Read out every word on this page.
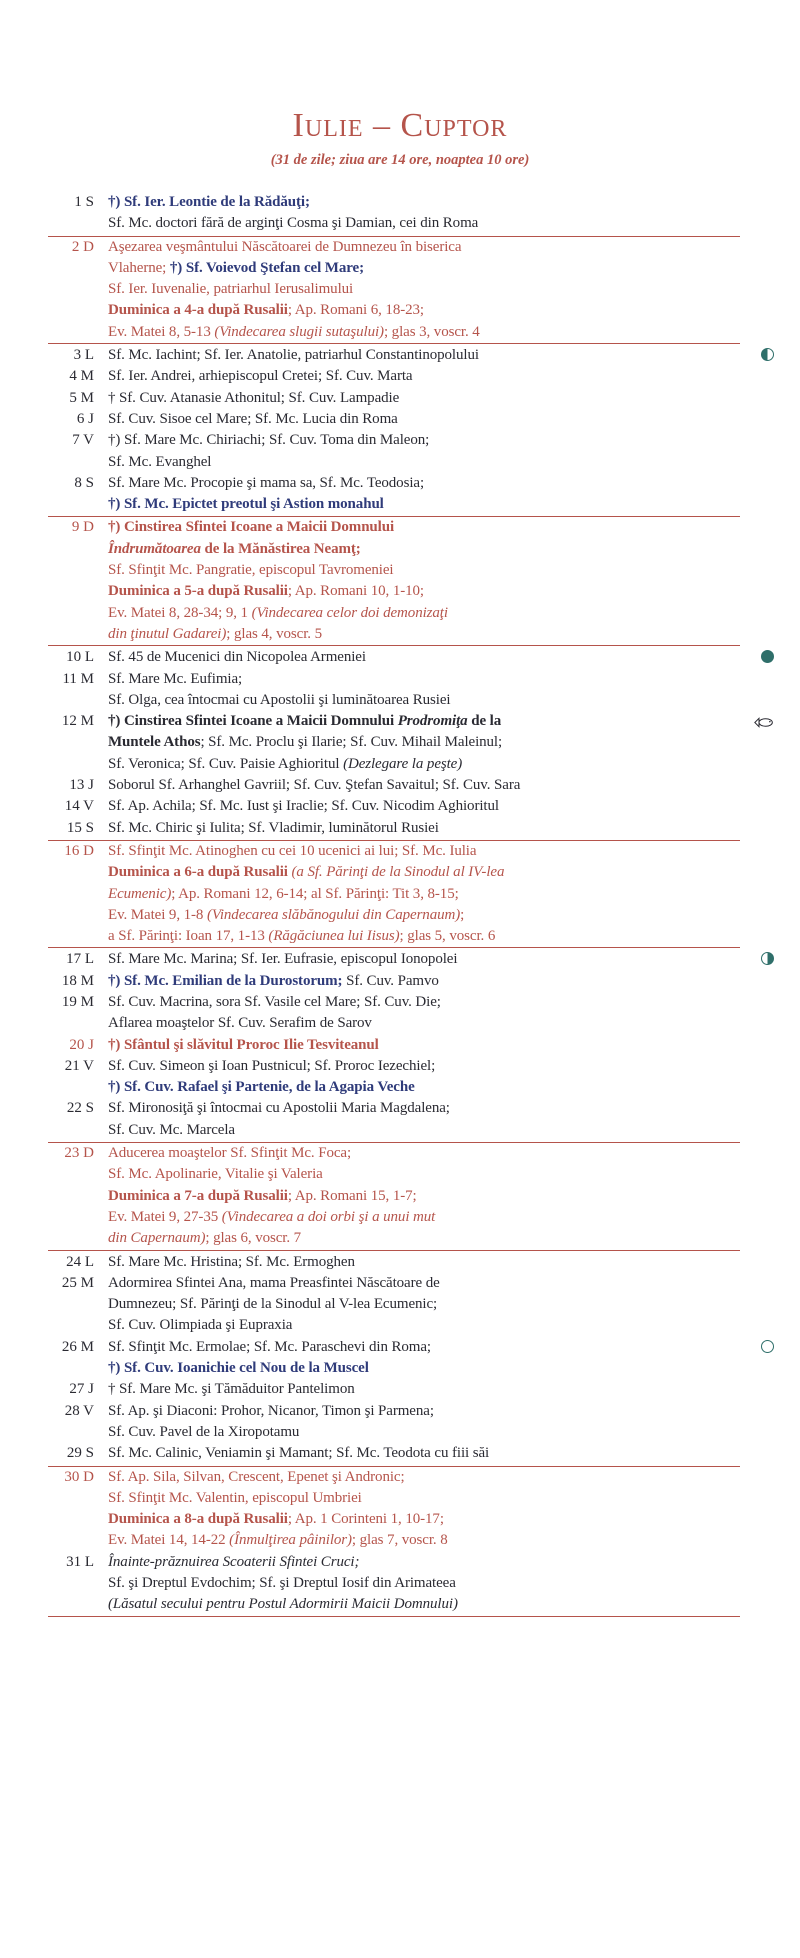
Iulie – Cuptor
(31 de zile; ziua are 14 ore, noaptea 10 ore)
1 S †) Sf. Ier. Leontie de la Rădăuţi;
Sf. Mc. doctori fără de arginţi Cosma şi Damian, cei din Roma
2 D Aşezarea veşmântului Născătoarei de Dumnezeu în biserica
Vlaherne; †) Sf. Voievod Ştefan cel Mare;
Sf. Ier. Iuvenalie, patriarhul Ierusalimului
Duminica a 4-a după Rusalii; Ap. Romani 6, 18-23;
Ev. Matei 8, 5-13 (Vindecarea slugii sutaşului); glas 3, voscr. 4
3 L Sf. Mc. Iachint; Sf. Ier. Anatolie, patriarhul Constantinopolului
4 M Sf. Ier. Andrei, arhiepiscopul Cretei; Sf. Cuv. Marta
5 M † Sf. Cuv. Atanasie Athonitul; Sf. Cuv. Lampadie
6 J Sf. Cuv. Sisoe cel Mare; Sf. Mc. Lucia din Roma
7 V †) Sf. Mare Mc. Chiriachi; Sf. Cuv. Toma din Maleon;
Sf. Mc. Evanghel
8 S Sf. Mare Mc. Procopie şi mama sa, Sf. Mc. Teodosia;
†) Sf. Mc. Epictet preotul şi Astion monahul
9 D †) Cinstirea Sfintei Icoane a Maicii Domnului
Îndrumătoarea de la Mănăstirea Neamţ;
Sf. Sfinţit Mc. Pangratie, episcopul Tavromeniei
Duminica a 5-a după Rusalii; Ap. Romani 10, 1-10;
Ev. Matei 8, 28-34; 9, 1 (Vindecarea celor doi demonizaţi
din ţinutul Gadarei); glas 4, voscr. 5
10 L Sf. 45 de Mucenici din Nicopolea Armeniei
11 M Sf. Mare Mc. Eufimia;
Sf. Olga, cea întocmai cu Apostolii şi luminătoarea Rusiei
12 M †) Cinstirea Sfintei Icoane a Maicii Domnului Prodromiţa de la
Muntele Athos; Sf. Mc. Proclu şi Ilarie; Sf. Cuv. Mihail Maleinul;
Sf. Veronica; Sf. Cuv. Paisie Aghioritul (Dezlegare la peşte)
13 J Soborul Sf. Arhanghel Gavriil; Sf. Cuv. Ştefan Savaitul; Sf. Cuv. Sara
14 V Sf. Ap. Achila; Sf. Mc. Iust şi Iraclie; Sf. Cuv. Nicodim Aghioritul
15 S Sf. Mc. Chiric şi Iulita; Sf. Vladimir, luminătorul Rusiei
16 D Sf. Sfinţit Mc. Atinoghen cu cei 10 ucenici ai lui; Sf. Mc. Iulia
Duminica a 6-a după Rusalii (a Sf. Părinţi de la Sinodul al IV-lea
Ecumenic); Ap. Romani 12, 6-14; al Sf. Părinţi: Tit 3, 8-15;
Ev. Matei 9, 1-8 (Vindecarea slăbănogului din Capernaum);
a Sf. Părinţi: Ioan 17, 1-13 (Răgăciunea lui Iisus); glas 5, voscr. 6
17 L Sf. Mare Mc. Marina; Sf. Ier. Eufrasie, episcopul Ionopolei
18 M †) Sf. Mc. Emilian de la Durostorum; Sf. Cuv. Pamvo
19 M Sf. Cuv. Macrina, sora Sf. Vasile cel Mare; Sf. Cuv. Die;
Aflarea moaştelor Sf. Cuv. Serafim de Sarov
20 J †) Sfântul şi slăvitul Proroc Ilie Tesviteanul
21 V Sf. Cuv. Simeon şi Ioan Pustnicul; Sf. Proroc Iezechiel;
†) Sf. Cuv. Rafael şi Partenie, de la Agapia Veche
22 S Sf. Mironosiţă şi întocmai cu Apostolii Maria Magdalena;
Sf. Cuv. Mc. Marcela
23 D Aducerea moaştelor Sf. Sfinţit Mc. Foca;
Sf. Mc. Apolinarie, Vitalie şi Valeria
Duminica a 7-a după Rusalii; Ap. Romani 15, 1-7;
Ev. Matei 9, 27-35 (Vindecarea a doi orbi şi a unui mut
din Capernaum); glas 6, voscr. 7
24 L Sf. Mare Mc. Hristina; Sf. Mc. Ermoghen
25 M Adormirea Sfintei Ana, mama Preasfintei Născătoare de
Dumnezeu; Sf. Părinţi de la Sinodul al V-lea Ecumenic;
Sf. Cuv. Olimpiada şi Eupraxia
26 M Sf. Sfinţit Mc. Ermolae; Sf. Mc. Paraschevi din Roma;
†) Sf. Cuv. Ioanichie cel Nou de la Muscel
27 J † Sf. Mare Mc. şi Tămăduitor Pantelimon
28 V Sf. Ap. şi Diaconi: Prohor, Nicanor, Timon şi Parmena;
Sf. Cuv. Pavel de la Xiropotamu
29 S Sf. Mc. Calinic, Veniamin şi Mamant; Sf. Mc. Teodota cu fiii săi
30 D Sf. Ap. Sila, Silvan, Crescent, Epenet şi Andronic;
Sf. Sfinţit Mc. Valentin, episcopul Umbriei
Duminica a 8-a după Rusalii; Ap. 1 Corinteni 1, 10-17;
Ev. Matei 14, 14-22 (Înmulţirea pâinilor); glas 7, voscr. 8
31 L Înainte-prăznuirea Scoaterii Sfintei Cruci;
Sf. şi Dreptul Evdochim; Sf. şi Dreptul Iosif din Arimateea
(Lăsatul secului pentru Postul Adormirii Maicii Domnului)
